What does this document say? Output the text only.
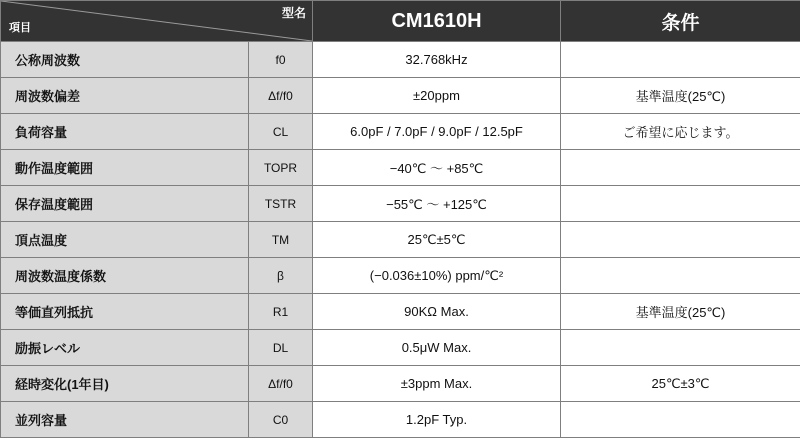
項目
型名		CM1610H	条件
公称周波数	f0	32.768kHz	
周波数偏差	Δf/f0	±20ppm	基準温度(25℃)
負荷容量	CL	6.0pF / 7.0pF / 9.0pF / 12.5pF	ご希望に応じます。
動作温度範囲	TOPR	−40℃ ～ +85℃	
保存温度範囲	TSTR	−55℃ ～ +125℃	
頂点温度	TM	25℃±5℃	
周波数温度係数	β	(−0.036±10%) ppm/℃²	
等価直列抵抗	R1	90KΩ Max.	基準温度(25℃)
励振レベル	DL	0.5μW Max.	
経時変化(1年目)	Δf/f0	±3ppm Max.	25℃±3℃
並列容量	C0	1.2pF Typ.	
